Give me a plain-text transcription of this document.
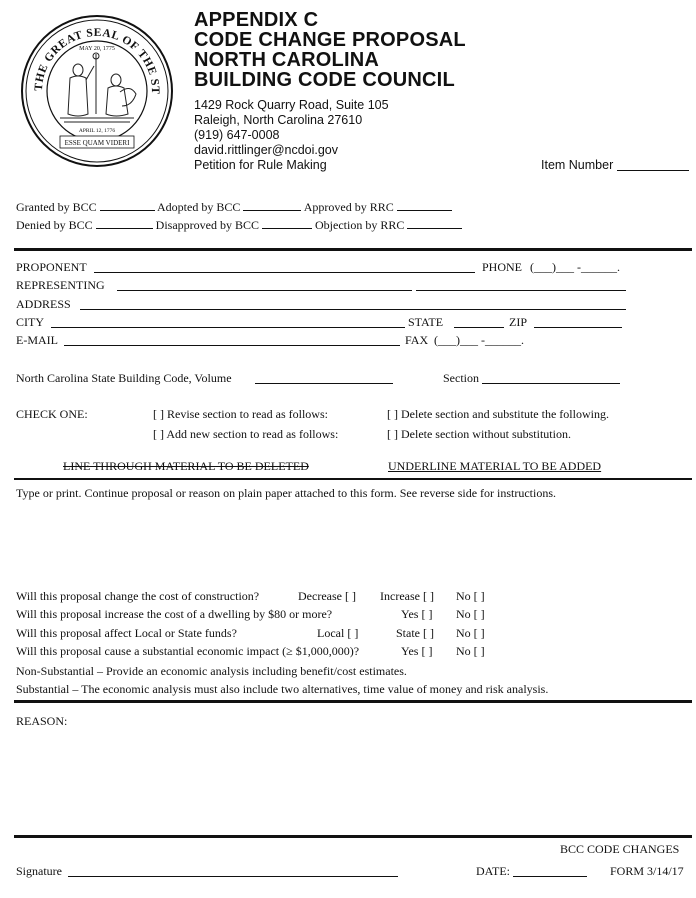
THE GREAT SEAL OF THE ST
MAY 20, 1775
APRIL 12, 1776
ESSE QUAM VIDERI
APPENDIX C
CODE CHANGE PROPOSAL
NORTH CAROLINA
BUILDING CODE COUNCIL
1429 Rock Quarry Road, Suite 105
Raleigh, North Carolina 27610
(919) 647-0008
david.rittlinger@ncdoi.gov
Petition for Rule Making	Item Number
Granted by BCC	Adopted by BCC	Approved by RRC
Denied by BCC	Disapproved by BCC	Objection by RRC
PROPONENT	PHONE (___)___ -______.
REPRESENTING
ADDRESS
CITY	STATE	ZIP
E-MAIL	FAX (___)___ -______.
North Carolina State Building Code, Volume	Section
CHECK ONE:	[ ] Revise section to read as follows:	[ ] Delete section and substitute the following.
[ ] Add new section to read as follows:	[ ] Delete section without substitution.
LINE THROUGH MATERIAL TO BE DELETED	UNDERLINE MATERIAL TO BE ADDED
Type or print. Continue proposal or reason on plain paper attached to this form. See reverse side for instructions.
Will this proposal change the cost of construction?	Decrease [ ] Increase [ ] No [ ]
Will this proposal increase the cost of a dwelling by $80 or more?	Yes [ ] No [ ]
Will this proposal affect Local or State funds?	Local [ ]	State [ ] No [ ]
Will this proposal cause a substantial economic impact (≥ $1,000,000)?	Yes [ ] No [ ]
Non-Substantial – Provide an economic analysis including benefit/cost estimates.
Substantial – The economic analysis must also include two alternatives, time value of money and risk analysis.
REASON:
BCC CODE CHANGES
Signature	DATE:	FORM 3/14/17
